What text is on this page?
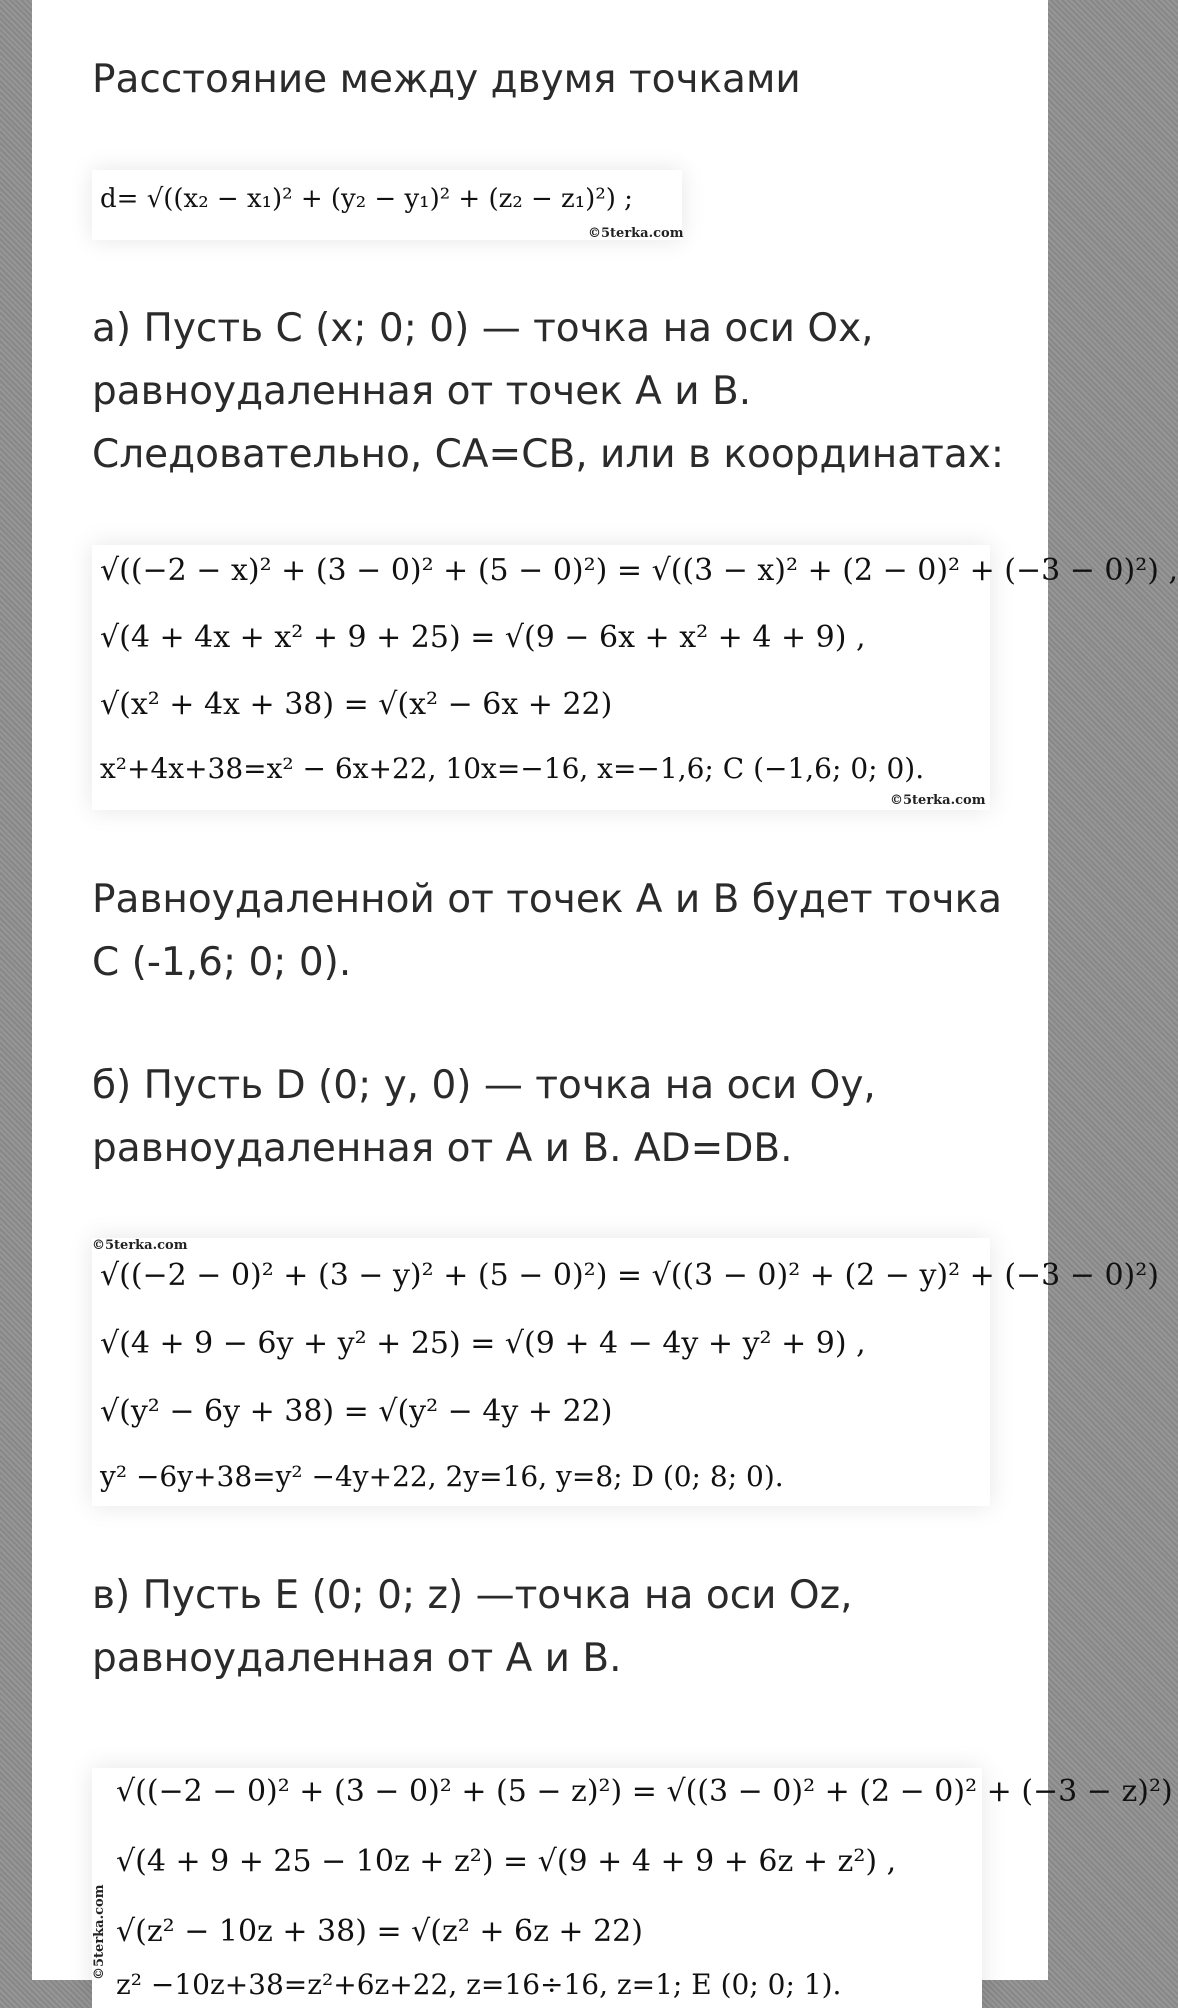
Расстояние между двумя точками

d= √((x₂ − x₁)² + (y₂ − y₁)² + (z₂ − z₁)²) ;
©5terka.com

а) Пусть С (x; 0; 0) — точка на оси Ox, равноудаленная от точек A и B. Следовательно, CA=CB, или в координатах:

√((−2 − x)² + (3 − 0)² + (5 − 0)²) = √((3 − x)² + (2 − 0)² + (−3 − 0)²) ,
√(4 + 4x + x² + 9 + 25) = √(9 − 6x + x² + 4 + 9) ,
√(x² + 4x + 38) = √(x² − 6x + 22)
x²+4x+38=x² − 6x+22, 10x=−16, x=−1,6; C (−1,6; 0; 0).
©5terka.com

Равноудаленной от точек A и B будет точка С (-1,6; 0; 0).

б) Пусть D (0; y, 0) — точка на оси Oy, равноудаленная от A и B. AD=DB.

©5terka.com
√((−2 − 0)² + (3 − y)² + (5 − 0)²) = √((3 − 0)² + (2 − y)² + (−3 − 0)²)
√(4 + 9 − 6y + y² + 25) = √(9 + 4 − 4y + y² + 9) ,
√(y² − 6y + 38) = √(y² − 4y + 22)
y² −6y+38=y² −4y+22, 2y=16, y=8; D (0; 8; 0).

в) Пусть E (0; 0; z) —точка на оси Oz, равноудаленная от A и B.

©5terka.com
√((−2 − 0)² + (3 − 0)² + (5 − z)²) = √((3 − 0)² + (2 − 0)² + (−3 − z)²)
√(4 + 9 + 25 − 10z + z²) = √(9 + 4 + 9 + 6z + z²) ,
√(z² − 10z + 38) = √(z² + 6z + 22)
z² −10z+38=z²+6z+22, z=16÷16, z=1; E (0; 0; 1).
